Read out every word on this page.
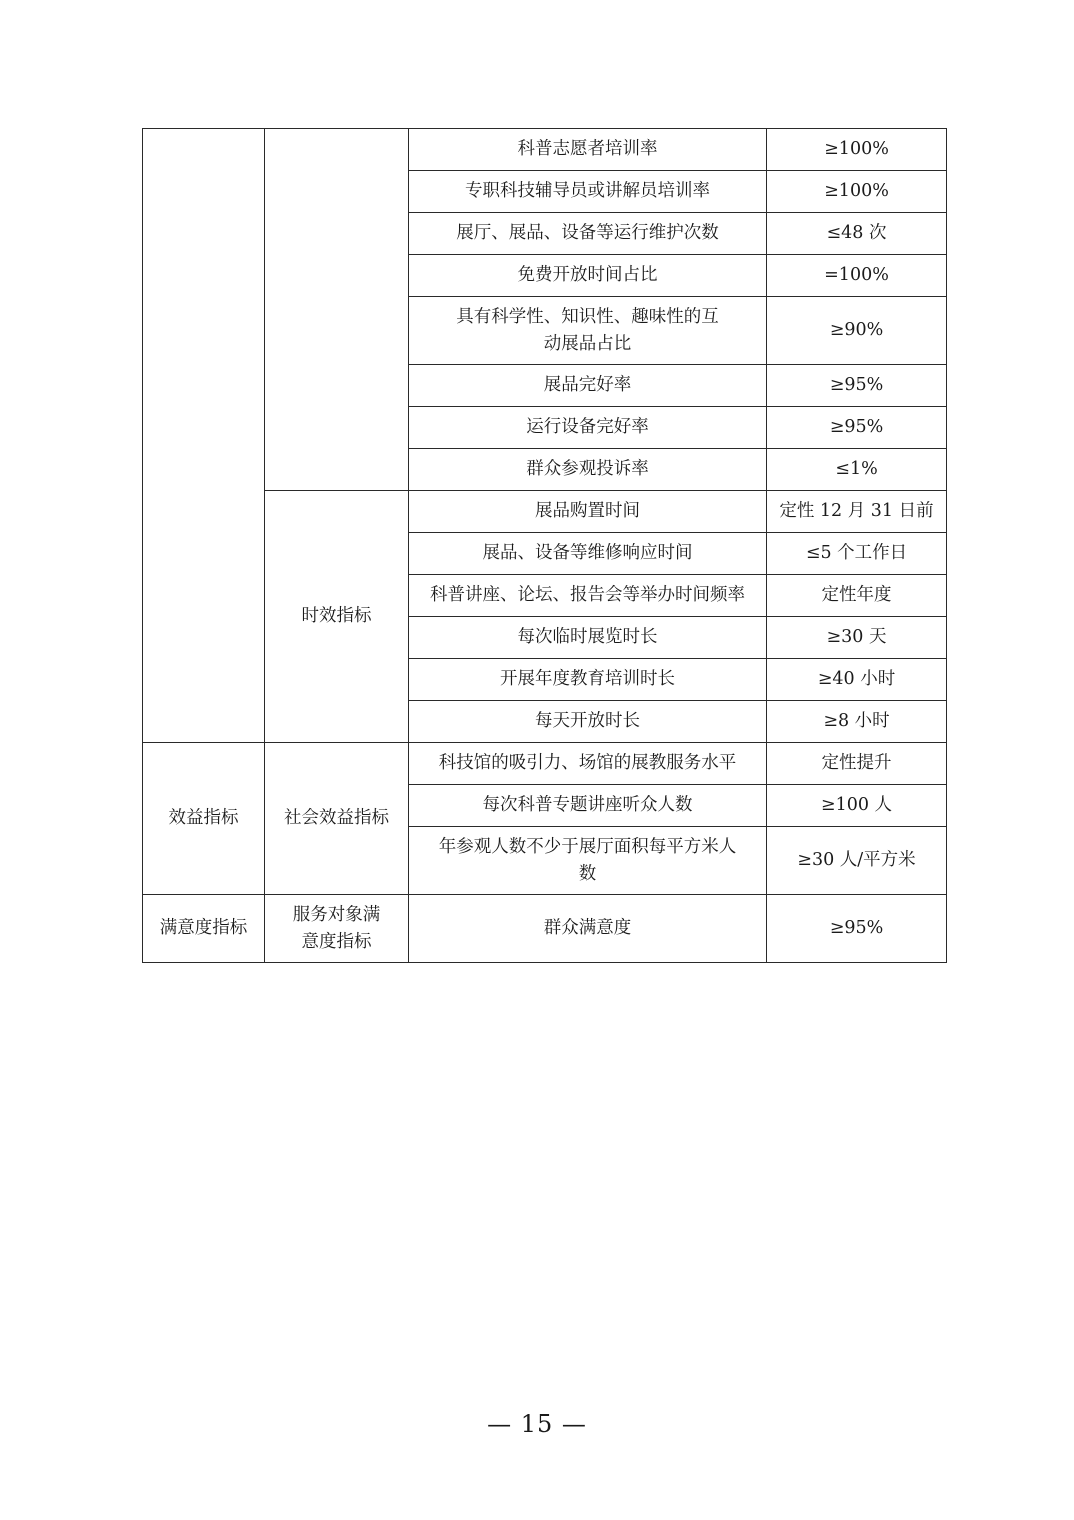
		科普志愿者培训率	≥100%
		专职科技辅导员或讲解员培训率	≥100%
		展厅、展品、设备等运行维护次数	≤48 次
		免费开放时间占比	=100%
		具有科学性、知识性、趣味性的互动展品占比	≥90%
		展品完好率	≥95%
		运行设备完好率	≥95%
		群众参观投诉率	≤1%
	时效指标	展品购置时间	定性 12 月 31 日前
		展品、设备等维修响应时间	≤5 个工作日
		科普讲座、论坛、报告会等举办时间频率	定性年度
		每次临时展览时长	≥30 天
		开展年度教育培训时长	≥40 小时
		每天开放时长	≥8 小时
效益指标	社会效益指标	科技馆的吸引力、场馆的展教服务水平	定性提升
		每次科普专题讲座听众人数	≥100 人
		年参观人数不少于展厅面积每平方米人数	≥30 人/平方米
满意度指标	服务对象满意度指标	群众满意度	≥95%
— 15 —
